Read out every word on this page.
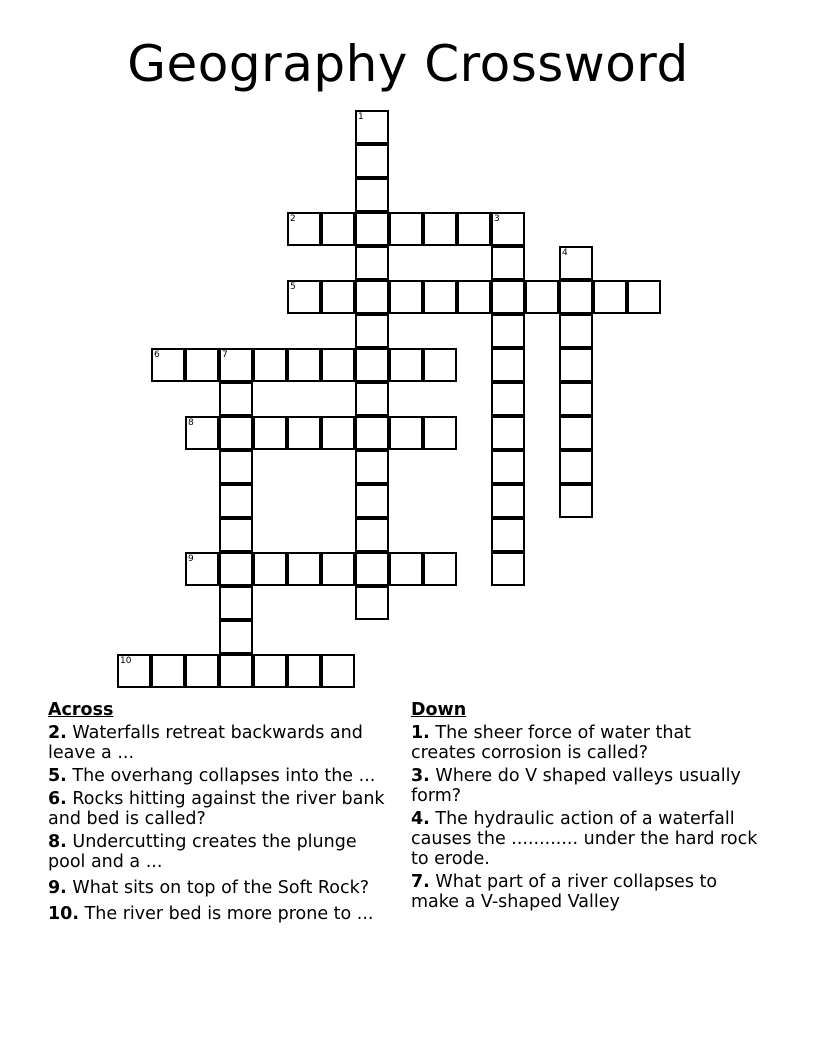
Geography Crossword
1
2	3
4
5
6	7
8
9
10
Across
2. Waterfalls retreat backwards and leave a ...
5. The overhang collapses into the ...
6. Rocks hitting against the river bank and bed is called?
8. Undercutting creates the plunge pool and a ...
9. What sits on top of the Soft Rock?
10. The river bed is more prone to ...
Down
1. The sheer force of water that creates corrosion is called?
3. Where do V shaped valleys usually form?
4. The hydraulic action of a waterfall causes the ............ under the hard rock to erode.
7. What part of a river collapses to make a V-shaped Valley
